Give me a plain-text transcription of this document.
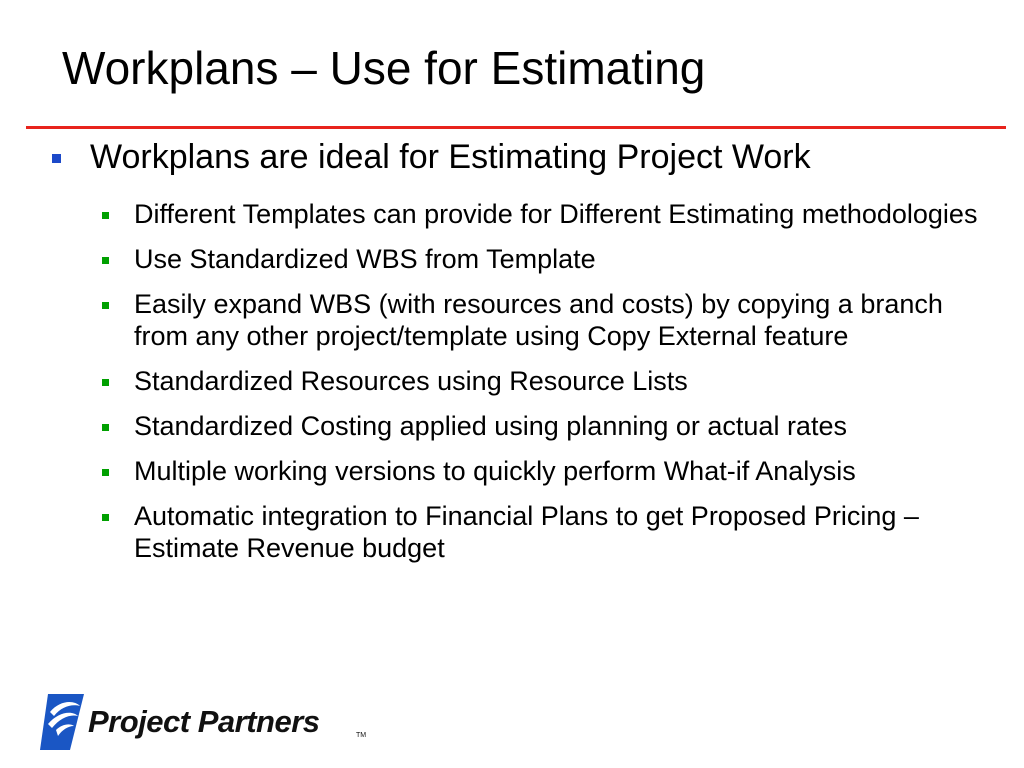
Workplans – Use for Estimating
Workplans are ideal for Estimating Project Work
Different Templates can provide for Different Estimating methodologies
Use Standardized WBS from Template
Easily expand WBS (with resources and costs) by copying a branch from any other project/template using Copy External feature
Standardized Resources using Resource Lists
Standardized Costing applied using planning or actual rates
Multiple working versions to quickly perform What-if Analysis
Automatic integration to Financial Plans to get Proposed Pricing – Estimate Revenue budget
Project Partners	TM
